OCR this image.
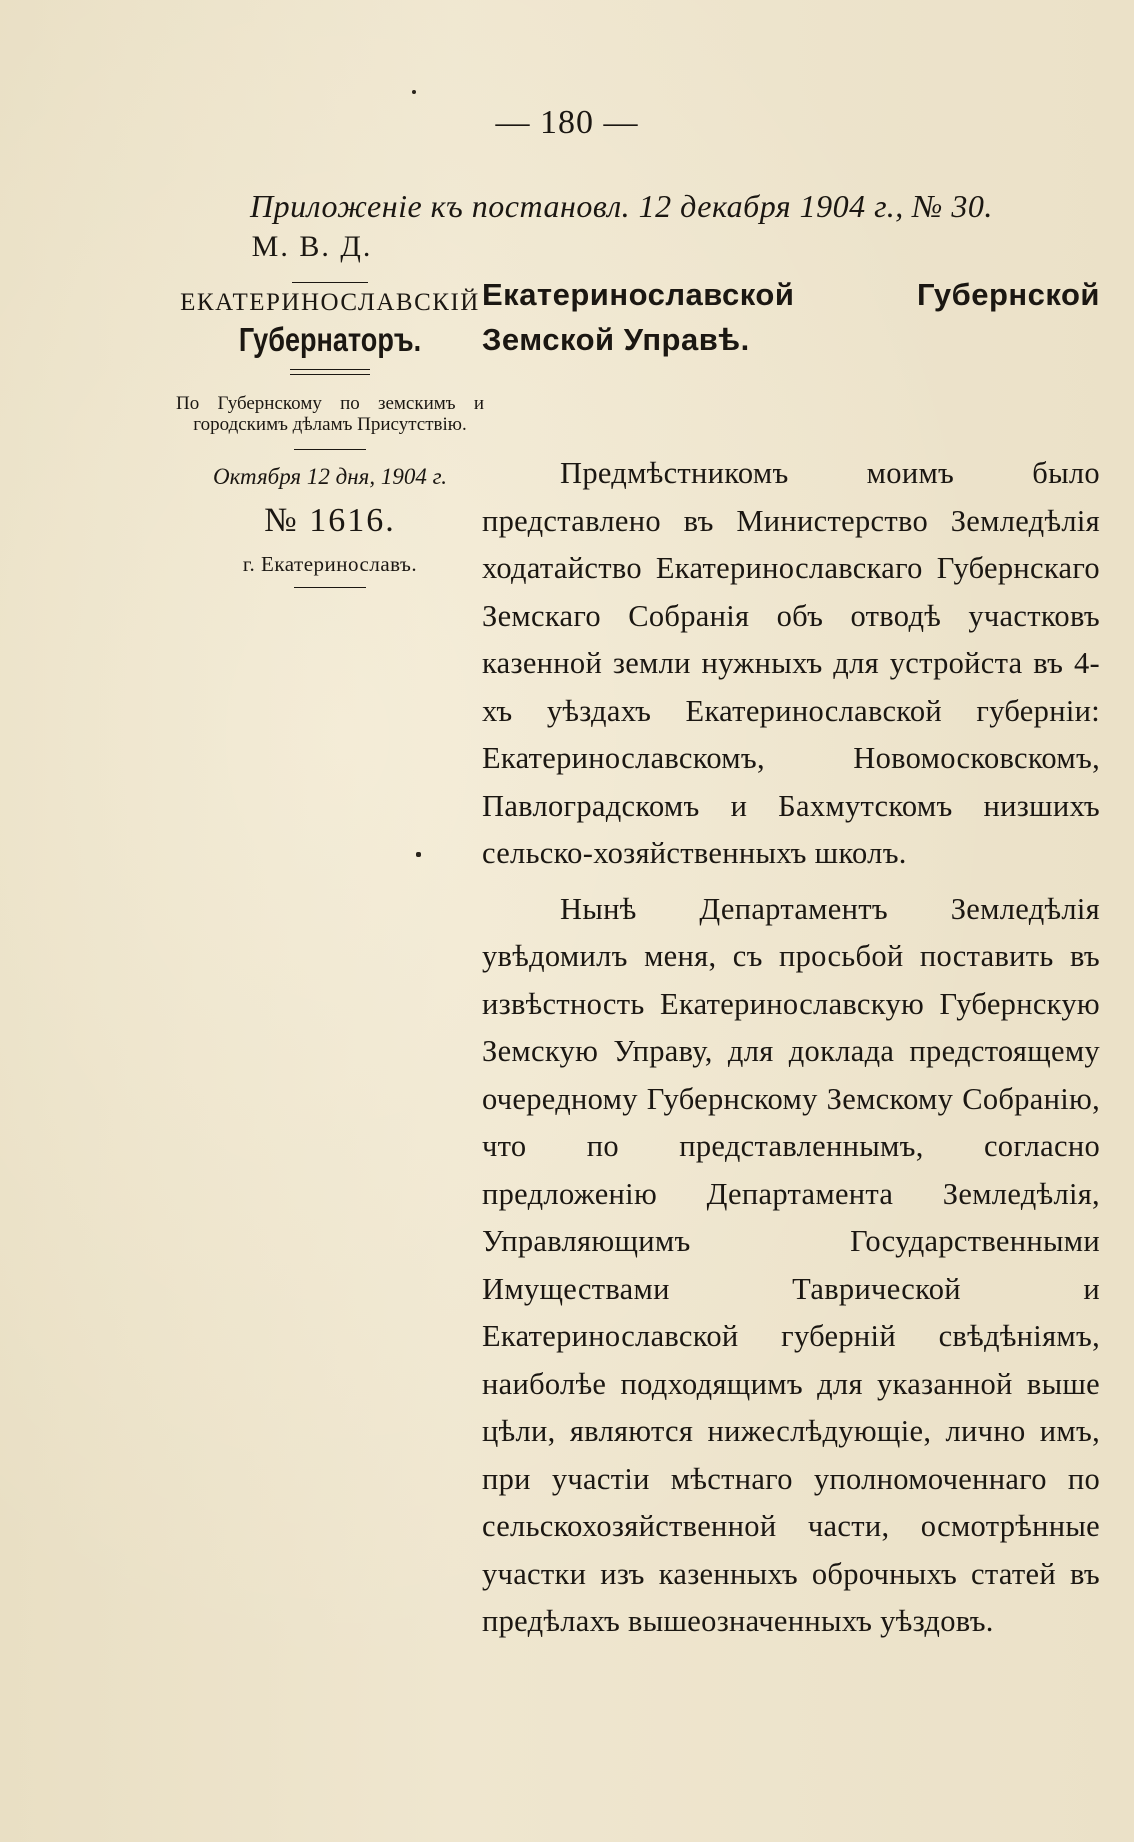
— 180 —
Приложеніе къ постановл. 12 декабря 1904 г., № 30.
М. В. Д.
ЕКАТЕРИНОСЛАВСКІЙ
Губернаторъ.
По Губернскому по земскимъ и городскимъ дѣламъ Присутствію.
Октября 12 дня, 1904 г.
№ 1616.
г. Екатеринославъ.
Екатеринославской Губернской Земской Управѣ.

Предмѣстникомъ моимъ было представлено въ Министерство Земледѣлія ходатайство Екатеринославскаго Губернскаго Земскаго Собранія объ отводѣ участковъ казенной земли нужныхъ для устройста въ 4-хъ уѣздахъ Екатеринославской губерніи: Екатеринославскомъ, Новомосковскомъ, Павлоградскомъ и Бахмутскомъ низшихъ сельско-хозяйственныхъ школъ.

Нынѣ Департаментъ Земледѣлія увѣдомилъ меня, съ просьбой поставить въ извѣстность Екатеринославскую Губернскую Земскую Управу, для доклада предстоящему очередному Губернскому Земскому Собранію, что по представленнымъ, согласно предложенію Департамента Земледѣлія, Управляющимъ Государственными Имуществами Таврической и Екатеринославской губерній свѣдѣніямъ, наиболѣе подходящимъ для указанной выше цѣли, являются нижеслѣдующіе, лично имъ, при участіи мѣстнаго уполномоченнаго по сельскохозяйственной части, осмотрѣнные участки изъ казенныхъ оброчныхъ статей въ предѣлахъ вышеозначенныхъ уѣздовъ.
